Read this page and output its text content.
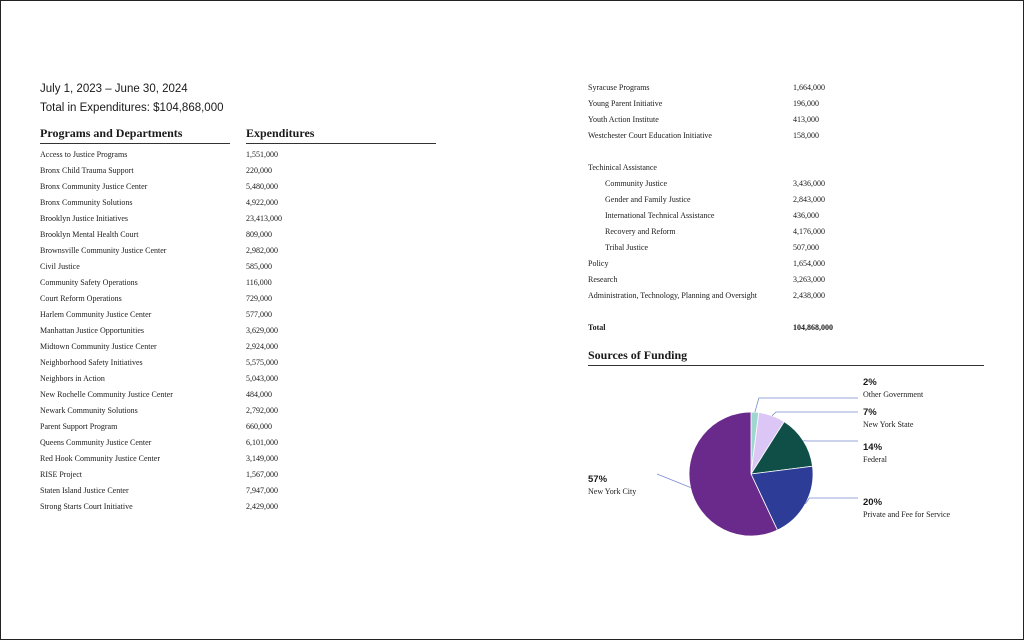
July 1, 2023 – June 30, 2024
Total in Expenditures: $104,868,000
Programs and Departments	Expenditures
Access to Justice Programs	1,551,000
Bronx Child Trauma Support	220,000
Bronx Community Justice Center	5,480,000
Bronx Community Solutions	4,922,000
Brooklyn Justice Initiatives	23,413,000
Brooklyn Mental Health Court	809,000
Brownsville Community Justice Center	2,982,000
Civil Justice	585,000
Community Safety Operations	116,000
Court Reform Operations	729,000
Harlem Community Justice Center	577,000
Manhattan Justice Opportunities	3,629,000
Midtown Community Justice Center	2,924,000
Neighborhood Safety Initiatives	5,575,000
Neighbors in Action	5,043,000
New Rochelle Community Justice Center	484,000
Newark Community Solutions	2,792,000
Parent Support Program	660,000
Queens Community Justice Center	6,101,000
Red Hook Community Justice Center	3,149,000
RISE Project	1,567,000
Staten Island Justice Center	7,947,000
Strong Starts Court Initiative	2,429,000
Syracuse Programs	1,664,000
Young Parent Initiative	196,000
Youth Action Institute	413,000
Westchester Court Education Initiative	158,000
Techinical Assistance
Community Justice	3,436,000
Gender and Family Justice	2,843,000
International Technical Assistance	436,000
Recovery and Reform	4,176,000
Tribal Justice	507,000
Policy	1,654,000
Research	3,263,000
Administration, Technology, Planning and Oversight	2,438,000
Total	104,868,000
Sources of Funding
2%
Other Government
7%
New York State
14%
Federal
20%
Private and Fee for Service
57%
New York City
